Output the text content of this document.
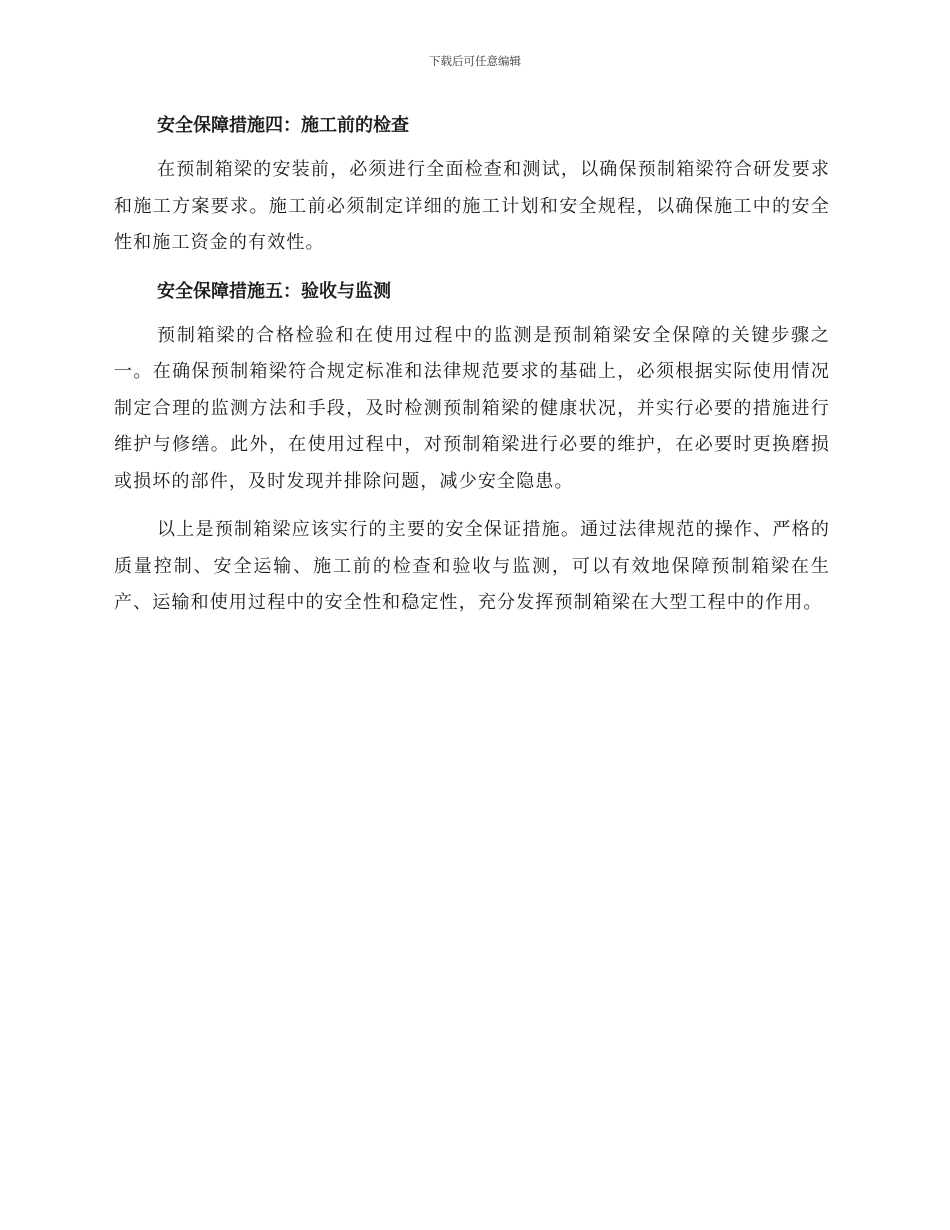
下载后可任意编辑
安全保障措施四：施工前的检查

在预制箱梁的安装前，必须进行全面检查和测试，以确保预制箱梁符合研发要求和施工方案要求。施工前必须制定详细的施工计划和安全规程，以确保施工中的安全性和施工资金的有效性。

安全保障措施五：验收与监测

预制箱梁的合格检验和在使用过程中的监测是预制箱梁安全保障的关键步骤之一。在确保预制箱梁符合规定标准和法律规范要求的基础上，必须根据实际使用情况制定合理的监测方法和手段，及时检测预制箱梁的健康状况，并实行必要的措施进行维护与修缮。此外，在使用过程中，对预制箱梁进行必要的维护，在必要时更换磨损或损坏的部件，及时发现并排除问题，减少安全隐患。

以上是预制箱梁应该实行的主要的安全保证措施。通过法律规范的操作、严格的质量控制、安全运输、施工前的检查和验收与监测，可以有效地保障预制箱梁在生产、运输和使用过程中的安全性和稳定性，充分发挥预制箱梁在大型工程中的作用。
